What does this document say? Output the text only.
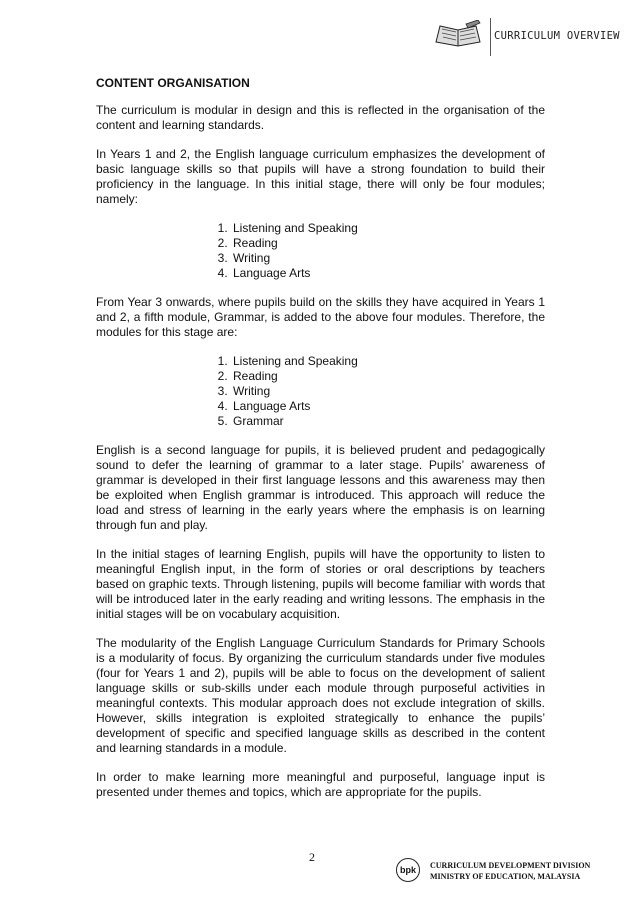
CURRICULUM OVERVIEW
CONTENT ORGANISATION

The curriculum is modular in design and this is reflected in the organisation of the content and learning standards.

In Years 1 and 2, the English language curriculum emphasizes the development of basic language skills so that pupils will have a strong foundation to build their proficiency in the language. In this initial stage, there will only be four modules; namely:

1. Listening and Speaking
2. Reading
3. Writing
4. Language Arts

From Year 3 onwards, where pupils build on the skills they have acquired in Years 1 and 2, a fifth module, Grammar, is added to the above four modules. Therefore, the modules for this stage are:

1. Listening and Speaking
2. Reading
3. Writing
4. Language Arts
5. Grammar

English is a second language for pupils, it is believed prudent and pedagogically sound to defer the learning of grammar to a later stage. Pupils’ awareness of grammar is developed in their first language lessons and this awareness may then be exploited when English grammar is introduced. This approach will reduce the load and stress of learning in the early years where the emphasis is on learning through fun and play.

In the initial stages of learning English, pupils will have the opportunity to listen to meaningful English input, in the form of stories or oral descriptions by teachers based on graphic texts. Through listening, pupils will become familiar with words that will be introduced later in the early reading and writing lessons. The emphasis in the initial stages will be on vocabulary acquisition.

The modularity of the English Language Curriculum Standards for Primary Schools is a modularity of focus. By organizing the curriculum standards under five modules (four for Years 1 and 2), pupils will be able to focus on the development of salient language skills or sub-skills under each module through purposeful activities in meaningful contexts. This modular approach does not exclude integration of skills. However, skills integration is exploited strategically to enhance the pupils’ development of specific and specified language skills as described in the content and learning standards in a module.

In order to make learning more meaningful and purposeful, language input is presented under themes and topics, which are appropriate for the pupils.

2
bpk	CURRICULUM DEVELOPMENT DIVISION
MINISTRY OF EDUCATION, MALAYSIA
